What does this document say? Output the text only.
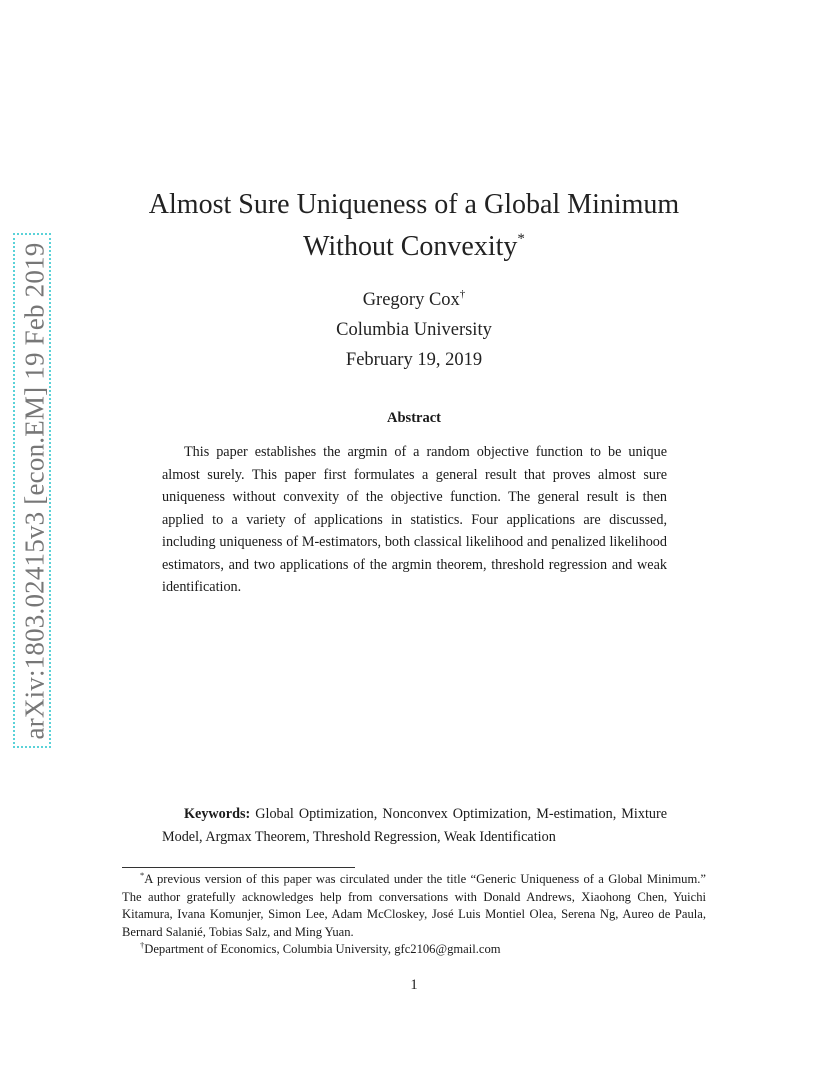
arXiv:1803.02415v3 [econ.EM] 19 Feb 2019
Almost Sure Uniqueness of a Global Minimum
Without Convexity*
Gregory Cox†
Columbia University
February 19, 2019
Abstract

This paper establishes the argmin of a random objective function to be unique almost surely. This paper first formulates a general result that proves almost sure uniqueness without convexity of the objective function. The general result is then applied to a variety of applications in statistics. Four applications are discussed, including uniqueness of M-estimators, both classical likelihood and penalized likelihood estimators, and two applications of the argmin theorem, threshold regression and weak identification.

Keywords: Global Optimization, Nonconvex Optimization, M-estimation, Mixture Model, Argmax Theorem, Threshold Regression, Weak Identification

*A previous version of this paper was circulated under the title “Generic Uniqueness of a Global Minimum.” The author gratefully acknowledges help from conversations with Donald Andrews, Xiaohong Chen, Yuichi Kitamura, Ivana Komunjer, Simon Lee, Adam McCloskey, José Luis Montiel Olea, Serena Ng, Aureo de Paula, Bernard Salanié, Tobias Salz, and Ming Yuan.

†Department of Economics, Columbia University, gfc2106@gmail.com

1
